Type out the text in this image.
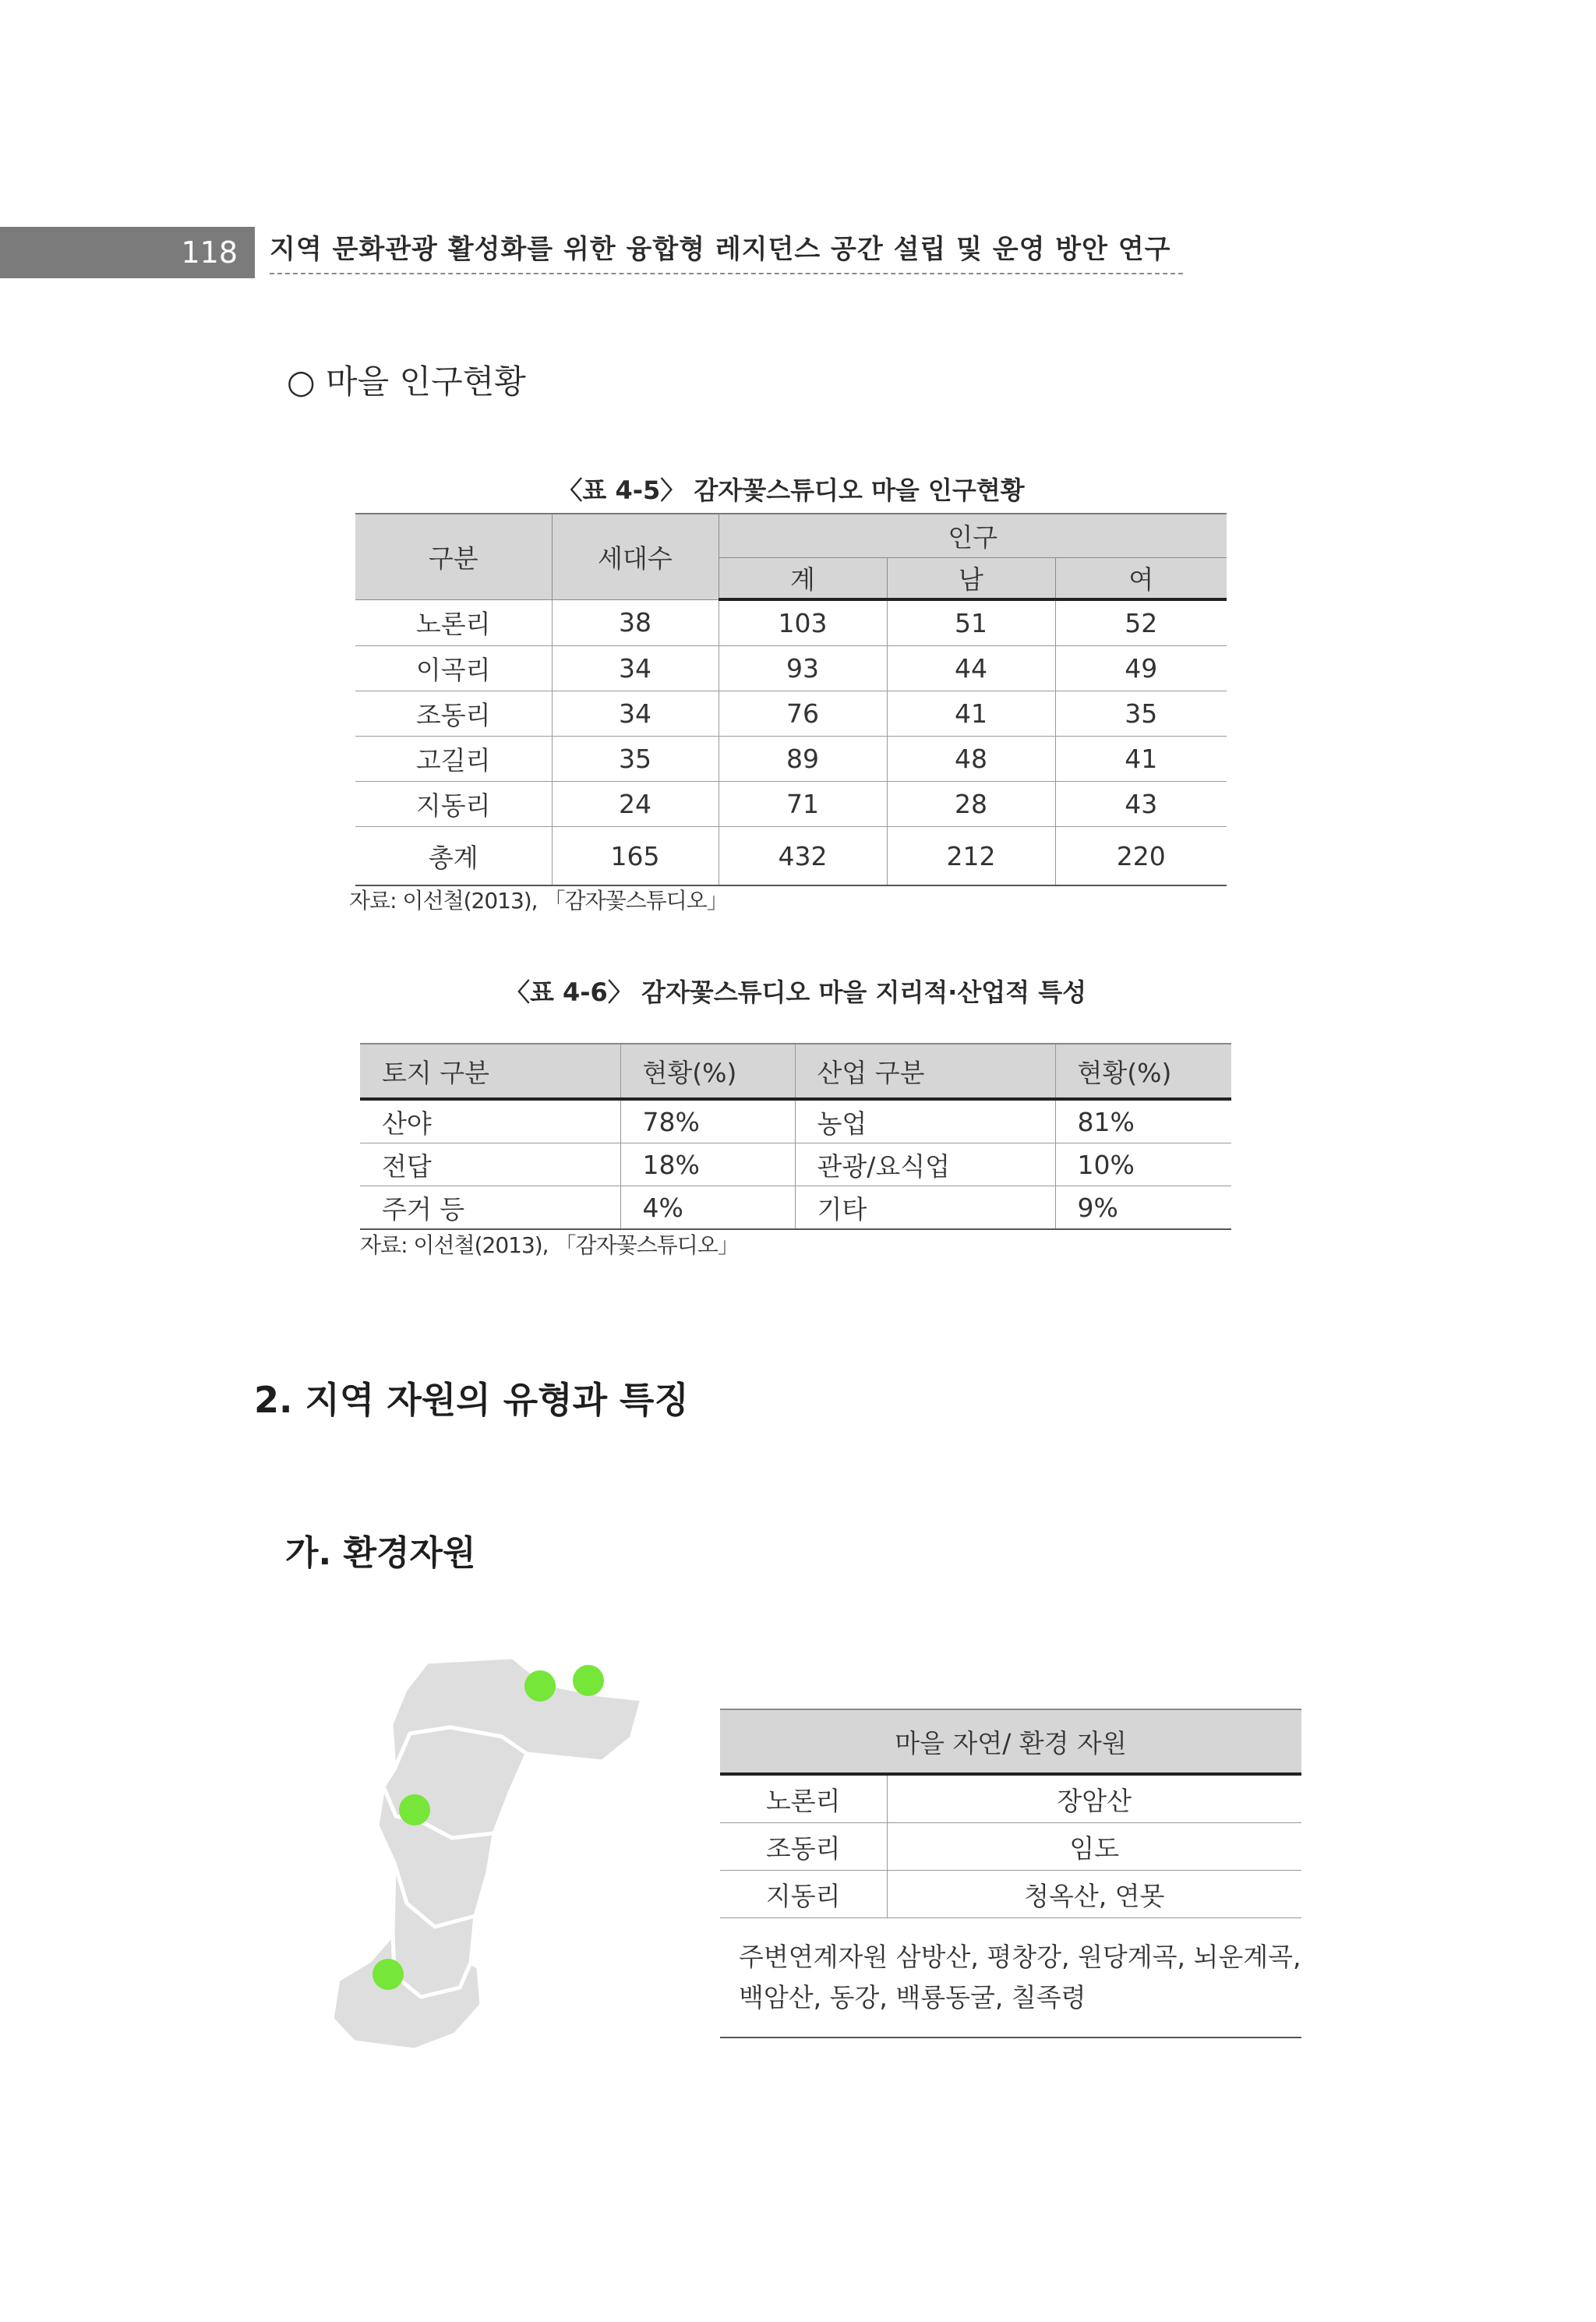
118	지역 문화관광 활성화를 위한 융합형 레지던스 공간 설립 및 운영 방안 연구
○ 마을 인구현황
〈표 4-5〉 감자꽃스튜디오 마을 인구현황
구분	세대수	인구		
		계	남	여
노론리	38	103	51	52
이곡리	34	93	44	49
조동리	34	76	41	35
고길리	35	89	48	41
지동리	24	71	28	43
총계	165	432	212	220
자료: 이선철(2013), 「감자꽃스튜디오」
〈표 4-6〉 감자꽃스튜디오 마을 지리적·산업적 특성
토지 구분	현황(%)	산업 구분	현황(%)
산야	78%	농업	81%
전답	18%	관광/요식업	10%
주거 등	4%	기타	9%
자료: 이선철(2013), 「감자꽃스튜디오」
2. 지역 자원의 유형과 특징
가. 환경자원
마을 자연/ 환경 자원	
노론리	장암산
조동리	임도
지동리	청옥산, 연못

주변연계자원 삼방산, 평창강, 원당계곡, 뇌운계곡,
백암산, 동강, 백룡동굴, 칠족령	
